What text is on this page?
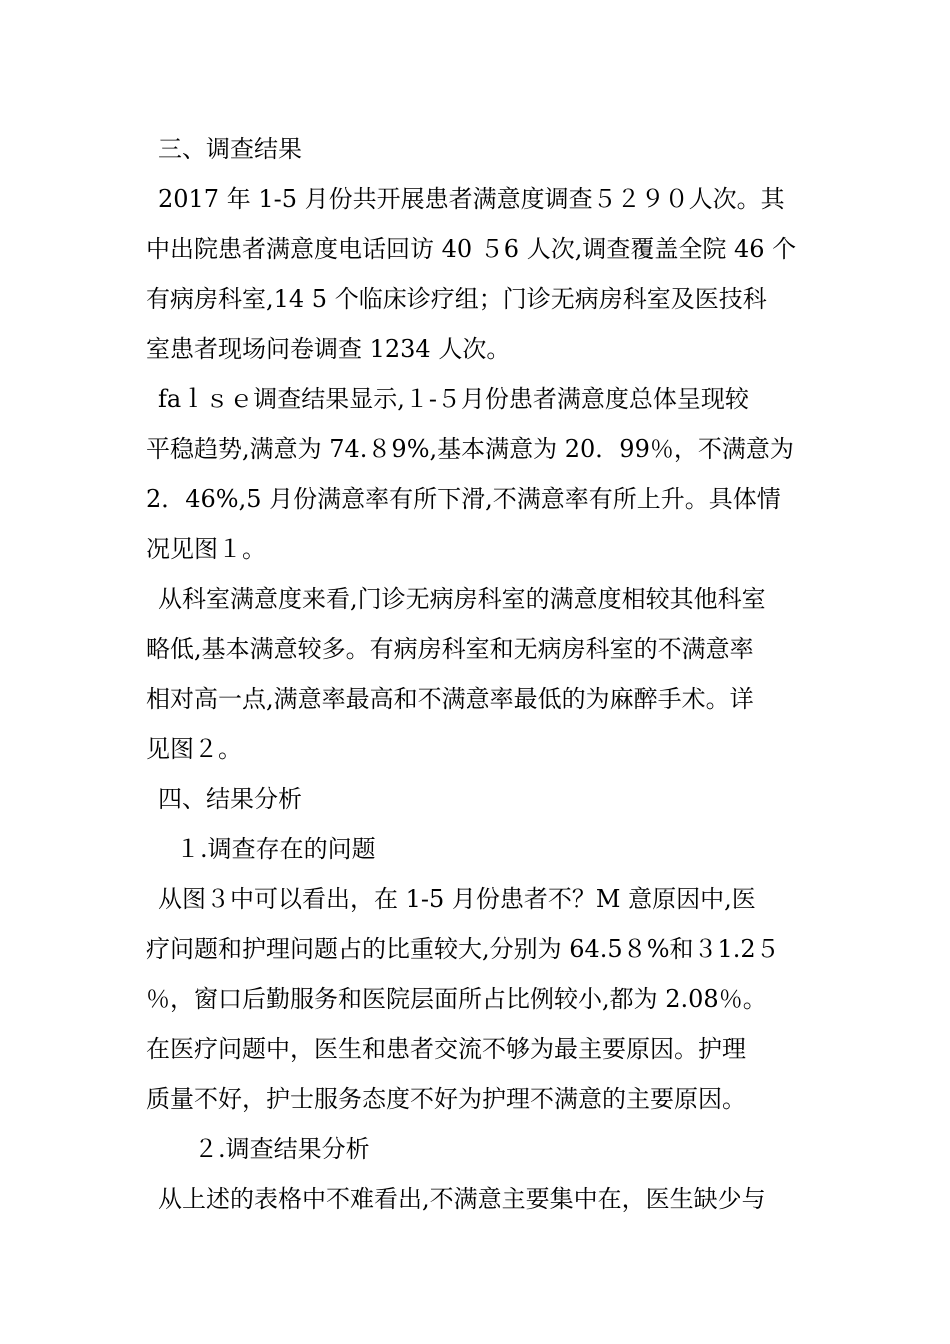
三、调查结果
2017 年 1-5 月份共开展患者满意度调查５２９０人次。其
中出院患者满意度电话回访 40 ５6 人次,调查覆盖全院 46 个
有病房科室,14 5 个临床诊疗组；门诊无病房科室及医技科
室患者现场问卷调查 1234 人次。
faｌｓｅ调查结果显示,１-５月份患者满意度总体呈现较
平稳趋势,满意为 74.８9%,基本满意为 20．99％，不满意为
2．46%,5 月份满意率有所下滑,不满意率有所上升。具体情
况见图１。
从科室满意度来看,门诊无病房科室的满意度相较其他科室
略低,基本满意较多。有病房科室和无病房科室的不满意率
相对高一点,满意率最高和不满意率最低的为麻醉手术。详
见图２。
四、结果分析
１.调查存在的问题
从图３中可以看出，在 1-5 月份患者不？M 意原因中,医
疗问题和护理问题占的比重较大,分别为 64.5８%和３1.2５
％，窗口后勤服务和医院层面所占比例较小,都为 2.08％。
在医疗问题中，医生和患者交流不够为最主要原因。护理
质量不好，护士服务态度不好为护理不满意的主要原因。
２.调查结果分析
从上述的表格中不难看出,不满意主要集中在，医生缺少与
